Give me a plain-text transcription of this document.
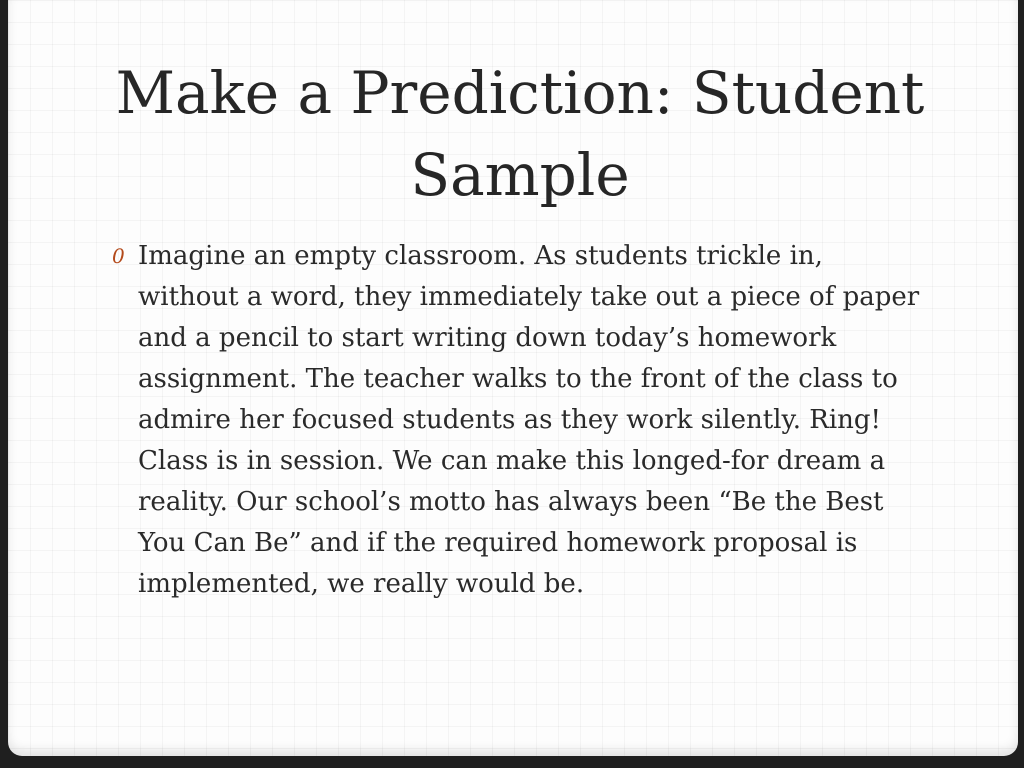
Make a Prediction: Student Sample
0 Imagine an empty classroom. As students trickle in, without a word, they immediately take out a piece of paper and a pencil to start writing down today’s homework assignment. The teacher walks to the front of the class to admire her focused students as they work silently. Ring! Class is in session. We can make this longed-for dream a reality. Our school’s motto has always been “Be the Best You Can Be” and if the required homework proposal is implemented, we really would be.
